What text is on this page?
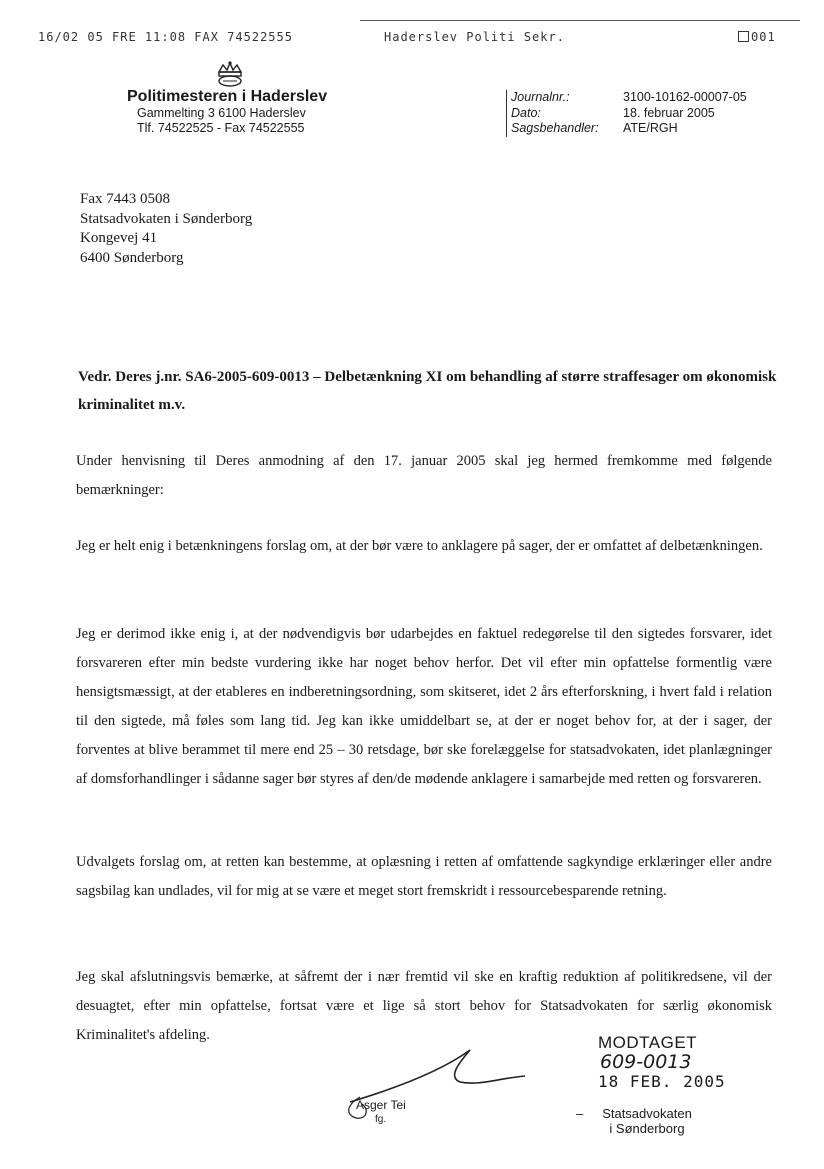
16/02 05 FRE 11:08 FAX 74522555	Haderslev Politi Sekr.	001
Politimesteren i Haderslev
Gammelting 3 6100 Haderslev
Tlf. 74522525 - Fax 74522555
Journalnr.:	3100-10162-00007-05
Dato:	18. februar 2005
Sagsbehandler:	ATE/RGH
Fax 7443 0508
Statsadvokaten i Sønderborg
Kongevej 41
6400 Sønderborg
Vedr. Deres j.nr. SA6-2005-609-0013 – Delbetænkning XI om behandling af større straffesager om økonomisk kriminalitet m.v.
Under henvisning til Deres anmodning af den 17. januar 2005 skal jeg hermed fremkomme med følgende bemærkninger:
Jeg er helt enig i betænkningens forslag om, at der bør være to anklagere på sager, der er omfattet af delbetænkningen.
Jeg er derimod ikke enig i, at der nødvendigvis bør udarbejdes en faktuel redegørelse til den sigtedes forsvarer, idet forsvareren efter min bedste vurdering ikke har noget behov herfor. Det vil efter min opfattelse formentlig være hensigtsmæssigt, at der etableres en indberetningsordning, som skitseret, idet 2 års efterforskning, i hvert fald i relation til den sigtede, må føles som lang tid. Jeg kan ikke umiddelbart se, at der er noget behov for, at der i sager, der forventes at blive berammet til mere end 25 – 30 retsdage, bør ske forelæggelse for statsadvokaten, idet planlægninger af domsforhandlinger i sådanne sager bør styres af den/de mødende anklagere i samarbejde med retten og forsvareren.
Udvalgets forslag om, at retten kan bestemme, at oplæsning i retten af omfattende sagkyndige erklæringer eller andre sagsbilag kan undlades, vil for mig at se være et meget stort fremskridt i ressourcebesparende retning.
Jeg skal afslutningsvis bemærke, at såfremt der i nær fremtid vil ske en kraftig reduktion af politikredsene, vil der desuagtet, efter min opfattelse, fortsat være et lige så stort behov for Statsadvokaten for særlig økonomisk Kriminalitet's afdeling.
Asger Tei
fg.
MODTAGET
609-0013
18 FEB. 2005
–	Statsadvokaten
i Sønderborg
